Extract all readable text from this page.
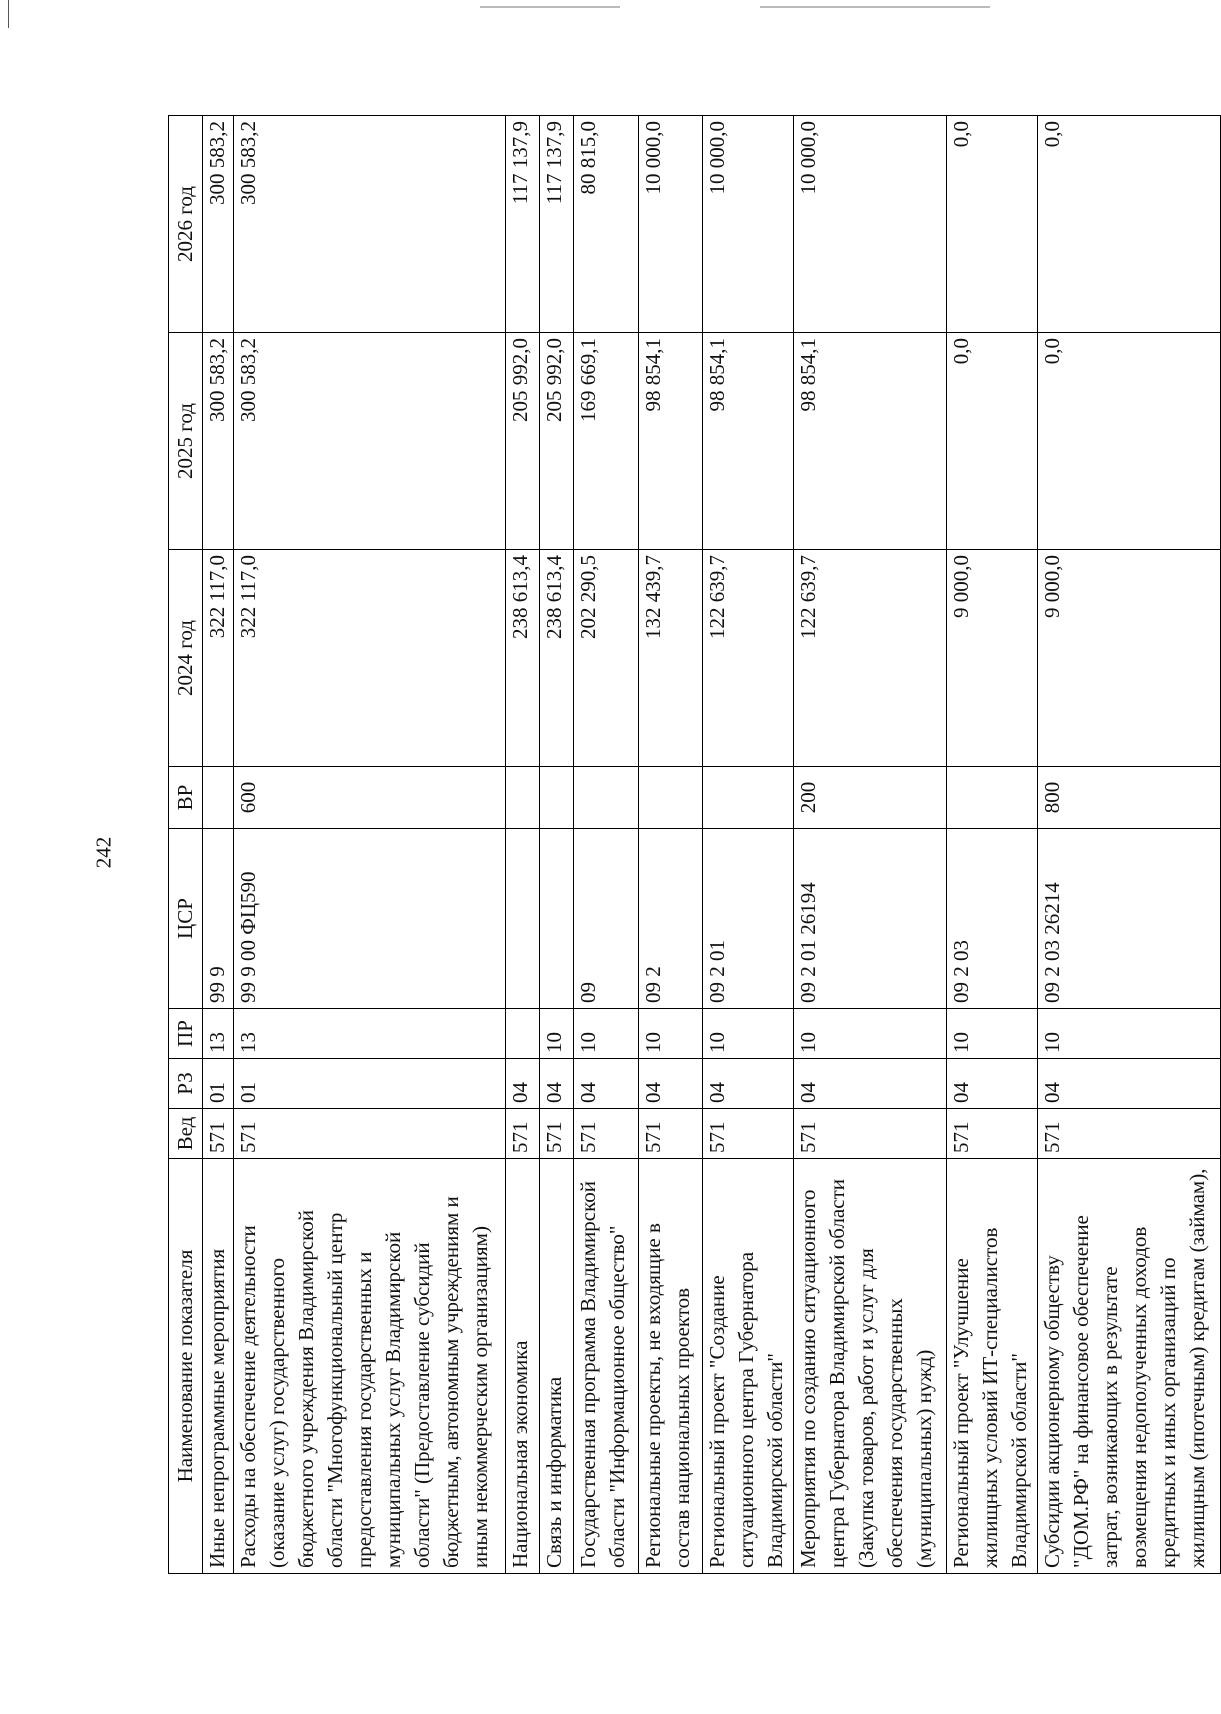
242
Наименование показателя	Вед	РЗ	ПР	ЦСР	ВР	2024 год	2025 год	2026 год
Иные непрограммные мероприятия	571	01	13	99 9		322 117,0	300 583,2	300 583,2
Расходы на обеспечение деятельности (оказание услуг) государственного бюджетного учреждения Владимирской области "Многофункциональный центр предоставления государственных и муниципальных услуг Владимирской области" (Предоставление субсидий бюджетным, автономным учреждениям и иным некоммерческим организациям)	571	01	13	99 9 00 ФЦ590	600	322 117,0	300 583,2	300 583,2
Национальная экономика	571	04				238 613,4	205 992,0	117 137,9
Связь и информатика	571	04	10			238 613,4	205 992,0	117 137,9
Государственная программа Владимирской области "Информационное общество"	571	04	10	09		202 290,5	169 669,1	80 815,0
Региональные проекты, не входящие в состав национальных проектов	571	04	10	09 2		132 439,7	98 854,1	10 000,0
Региональный проект "Создание ситуационного центра Губернатора Владимирской области"	571	04	10	09 2 01		122 639,7	98 854,1	10 000,0
Мероприятия по созданию ситуационного центра Губернатора Владимирской области (Закупка товаров, работ и услуг для обеспечения государственных (муниципальных) нужд)	571	04	10	09 2 01 26194	200	122 639,7	98 854,1	10 000,0
Региональный проект "Улучшение жилищных условий ИТ-специалистов Владимирской области"	571	04	10	09 2 03		9 000,0	0,0	0,0
Субсидии акционерному обществу "ДОМ.РФ" на финансовое обеспечение затрат, возникающих в результате возмещения недополученных доходов кредитных и иных организаций по жилищным (ипотечным) кредитам (займам),	571	04	10	09 2 03 26214	800	9 000,0	0,0	0,0
